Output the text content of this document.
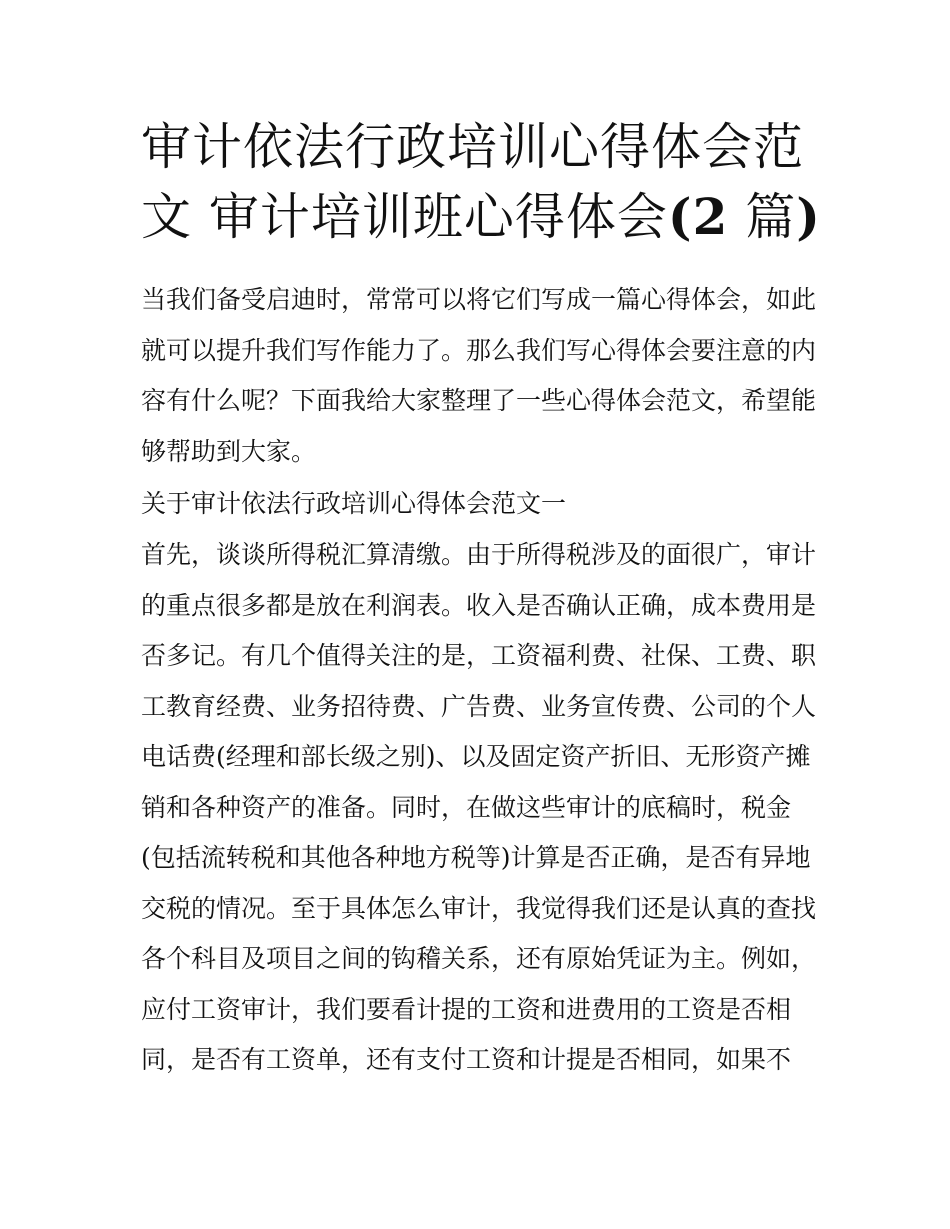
审计依法行政培训心得体会范
文 审计培训班心得体会(2 篇)

当我们备受启迪时，常常可以将它们写成一篇心得体会，如此
就可以提升我们写作能力了。那么我们写心得体会要注意的内
容有什么呢？下面我给大家整理了一些心得体会范文，希望能
够帮助到大家。

关于审计依法行政培训心得体会范文一

首先，谈谈所得税汇算清缴。由于所得税涉及的面很广，审计
的重点很多都是放在利润表。收入是否确认正确，成本费用是
否多记。有几个值得关注的是，工资福利费、社保、工费、职
工教育经费、业务招待费、广告费、业务宣传费、公司的个人
电话费(经理和部长级之别)、以及固定资产折旧、无形资产摊
销和各种资产的准备。同时，在做这些审计的底稿时，税金
(包括流转税和其他各种地方税等)计算是否正确，是否有异地
交税的情况。至于具体怎么审计，我觉得我们还是认真的查找
各个科目及项目之间的钩稽关系，还有原始凭证为主。例如，
应付工资审计，我们要看计提的工资和进费用的工资是否相
同，是否有工资单，还有支付工资和计提是否相同，如果不
